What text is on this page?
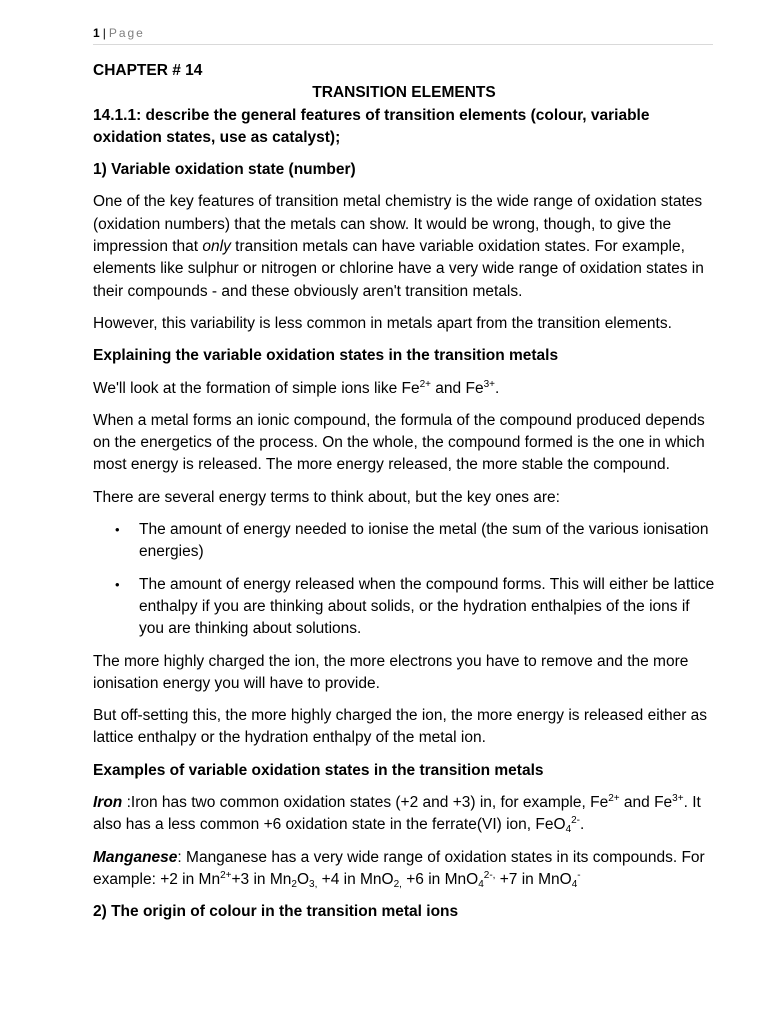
1 | Page

CHAPTER # 14

TRANSITION ELEMENTS

14.1.1: describe the general features of transition elements (colour, variable oxidation states, use as catalyst);

1) Variable oxidation state (number)

One of the key features of transition metal chemistry is the wide range of oxidation states (oxidation numbers) that the metals can show. It would be wrong, though, to give the impression that only transition metals can have variable oxidation states. For example, elements like sulphur or nitrogen or chlorine have a very wide range of oxidation states in their compounds - and these obviously aren't transition metals.

However, this variability is less common in metals apart from the transition elements.

Explaining the variable oxidation states in the transition metals

We'll look at the formation of simple ions like $Fe^{2+}$ and $Fe^{3+}$.

When a metal forms an ionic compound, the formula of the compound produced depends on the energetics of the process. On the whole, the compound formed is the one in which most energy is released. The more energy released, the more stable the compound.

There are several energy terms to think about, but the key ones are:

• The amount of energy needed to ionise the metal (the sum of the various ionisation energies)
• The amount of energy released when the compound forms. This will either be lattice enthalpy if you are thinking about solids, or the hydration enthalpies of the ions if you are thinking about solutions.

The more highly charged the ion, the more electrons you have to remove and the more ionisation energy you will have to provide.

But off-setting this, the more highly charged the ion, the more energy is released either as lattice enthalpy or the hydration enthalpy of the metal ion.

Examples of variable oxidation states in the transition metals

Iron :Iron has two common oxidation states (+2 and +3) in, for example, $Fe^{2+}$ and $Fe^{3+}$. It also has a less common +6 oxidation state in the ferrate(VI) ion, FeO$_4^{2-}$.

Manganese: Manganese has a very wide range of oxidation states in its compounds. For example: +2 in $Mn^{2+}+3$ in $Mn_2O_{3,} +4$ in MnO$_{2,}$ +6 in MnO$_4^{2-,}$ +7 in MnO$_4$-

2) The origin of colour in the transition metal ions
